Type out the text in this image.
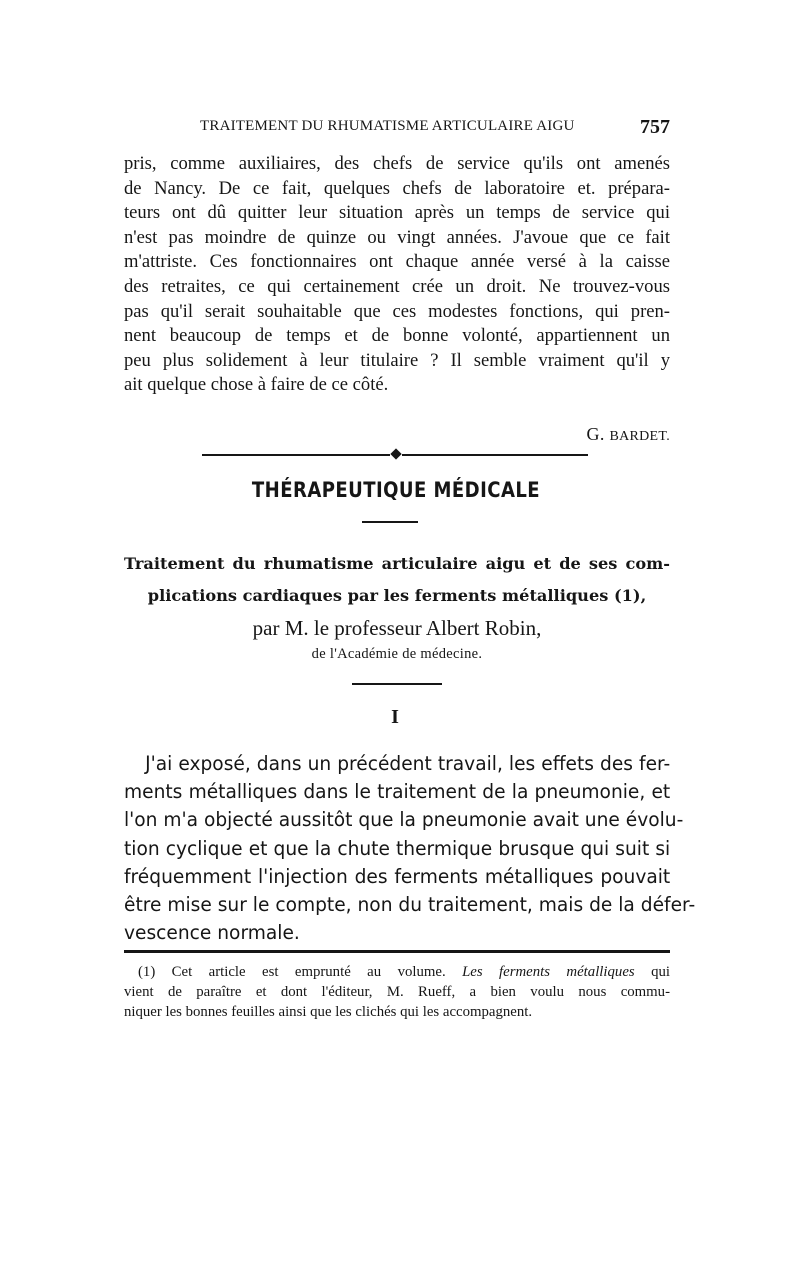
TRAITEMENT DU RHUMATISME ARTICULAIRE AIGU	757
pris, comme auxiliaires, des chefs de service qu'ils ont amenés
de Nancy. De ce fait, quelques chefs de laboratoire et. prépara-
teurs ont dû quitter leur situation après un temps de service qui
n'est pas moindre de quinze ou vingt années. J'avoue que ce fait
m'attriste. Ces fonctionnaires ont chaque année versé à la caisse
des retraites, ce qui certainement crée un droit. Ne trouvez-vous
pas qu'il serait souhaitable que ces modestes fonctions, qui pren-
nent beaucoup de temps et de bonne volonté, appartiennent un
peu plus solidement à leur titulaire ? Il semble vraiment qu'il y
ait quelque chose à faire de ce côté.
G. BARDET.
THÉRAPEUTIQUE MÉDICALE
Traitement du rhumatisme articulaire aigu et de ses com-
plications cardiaques par les ferments métalliques (1),
par M. le professeur Albert Robin,
de l'Académie de médecine.
I
J'ai exposé, dans un précédent travail, les effets des fer-
ments métalliques dans le traitement de la pneumonie, et
l'on m'a objecté aussitôt que la pneumonie avait une évolu-
tion cyclique et que la chute thermique brusque qui suit si
fréquemment l'injection des ferments métalliques pouvait
être mise sur le compte, non du traitement, mais de la défer-
vescence normale.
(1) Cet article est emprunté au volume. Les ferments métalliques qui
vient de paraître et dont l'éditeur, M. Rueff, a bien voulu nous commu-
niquer les bonnes feuilles ainsi que les clichés qui les accompagnent.
